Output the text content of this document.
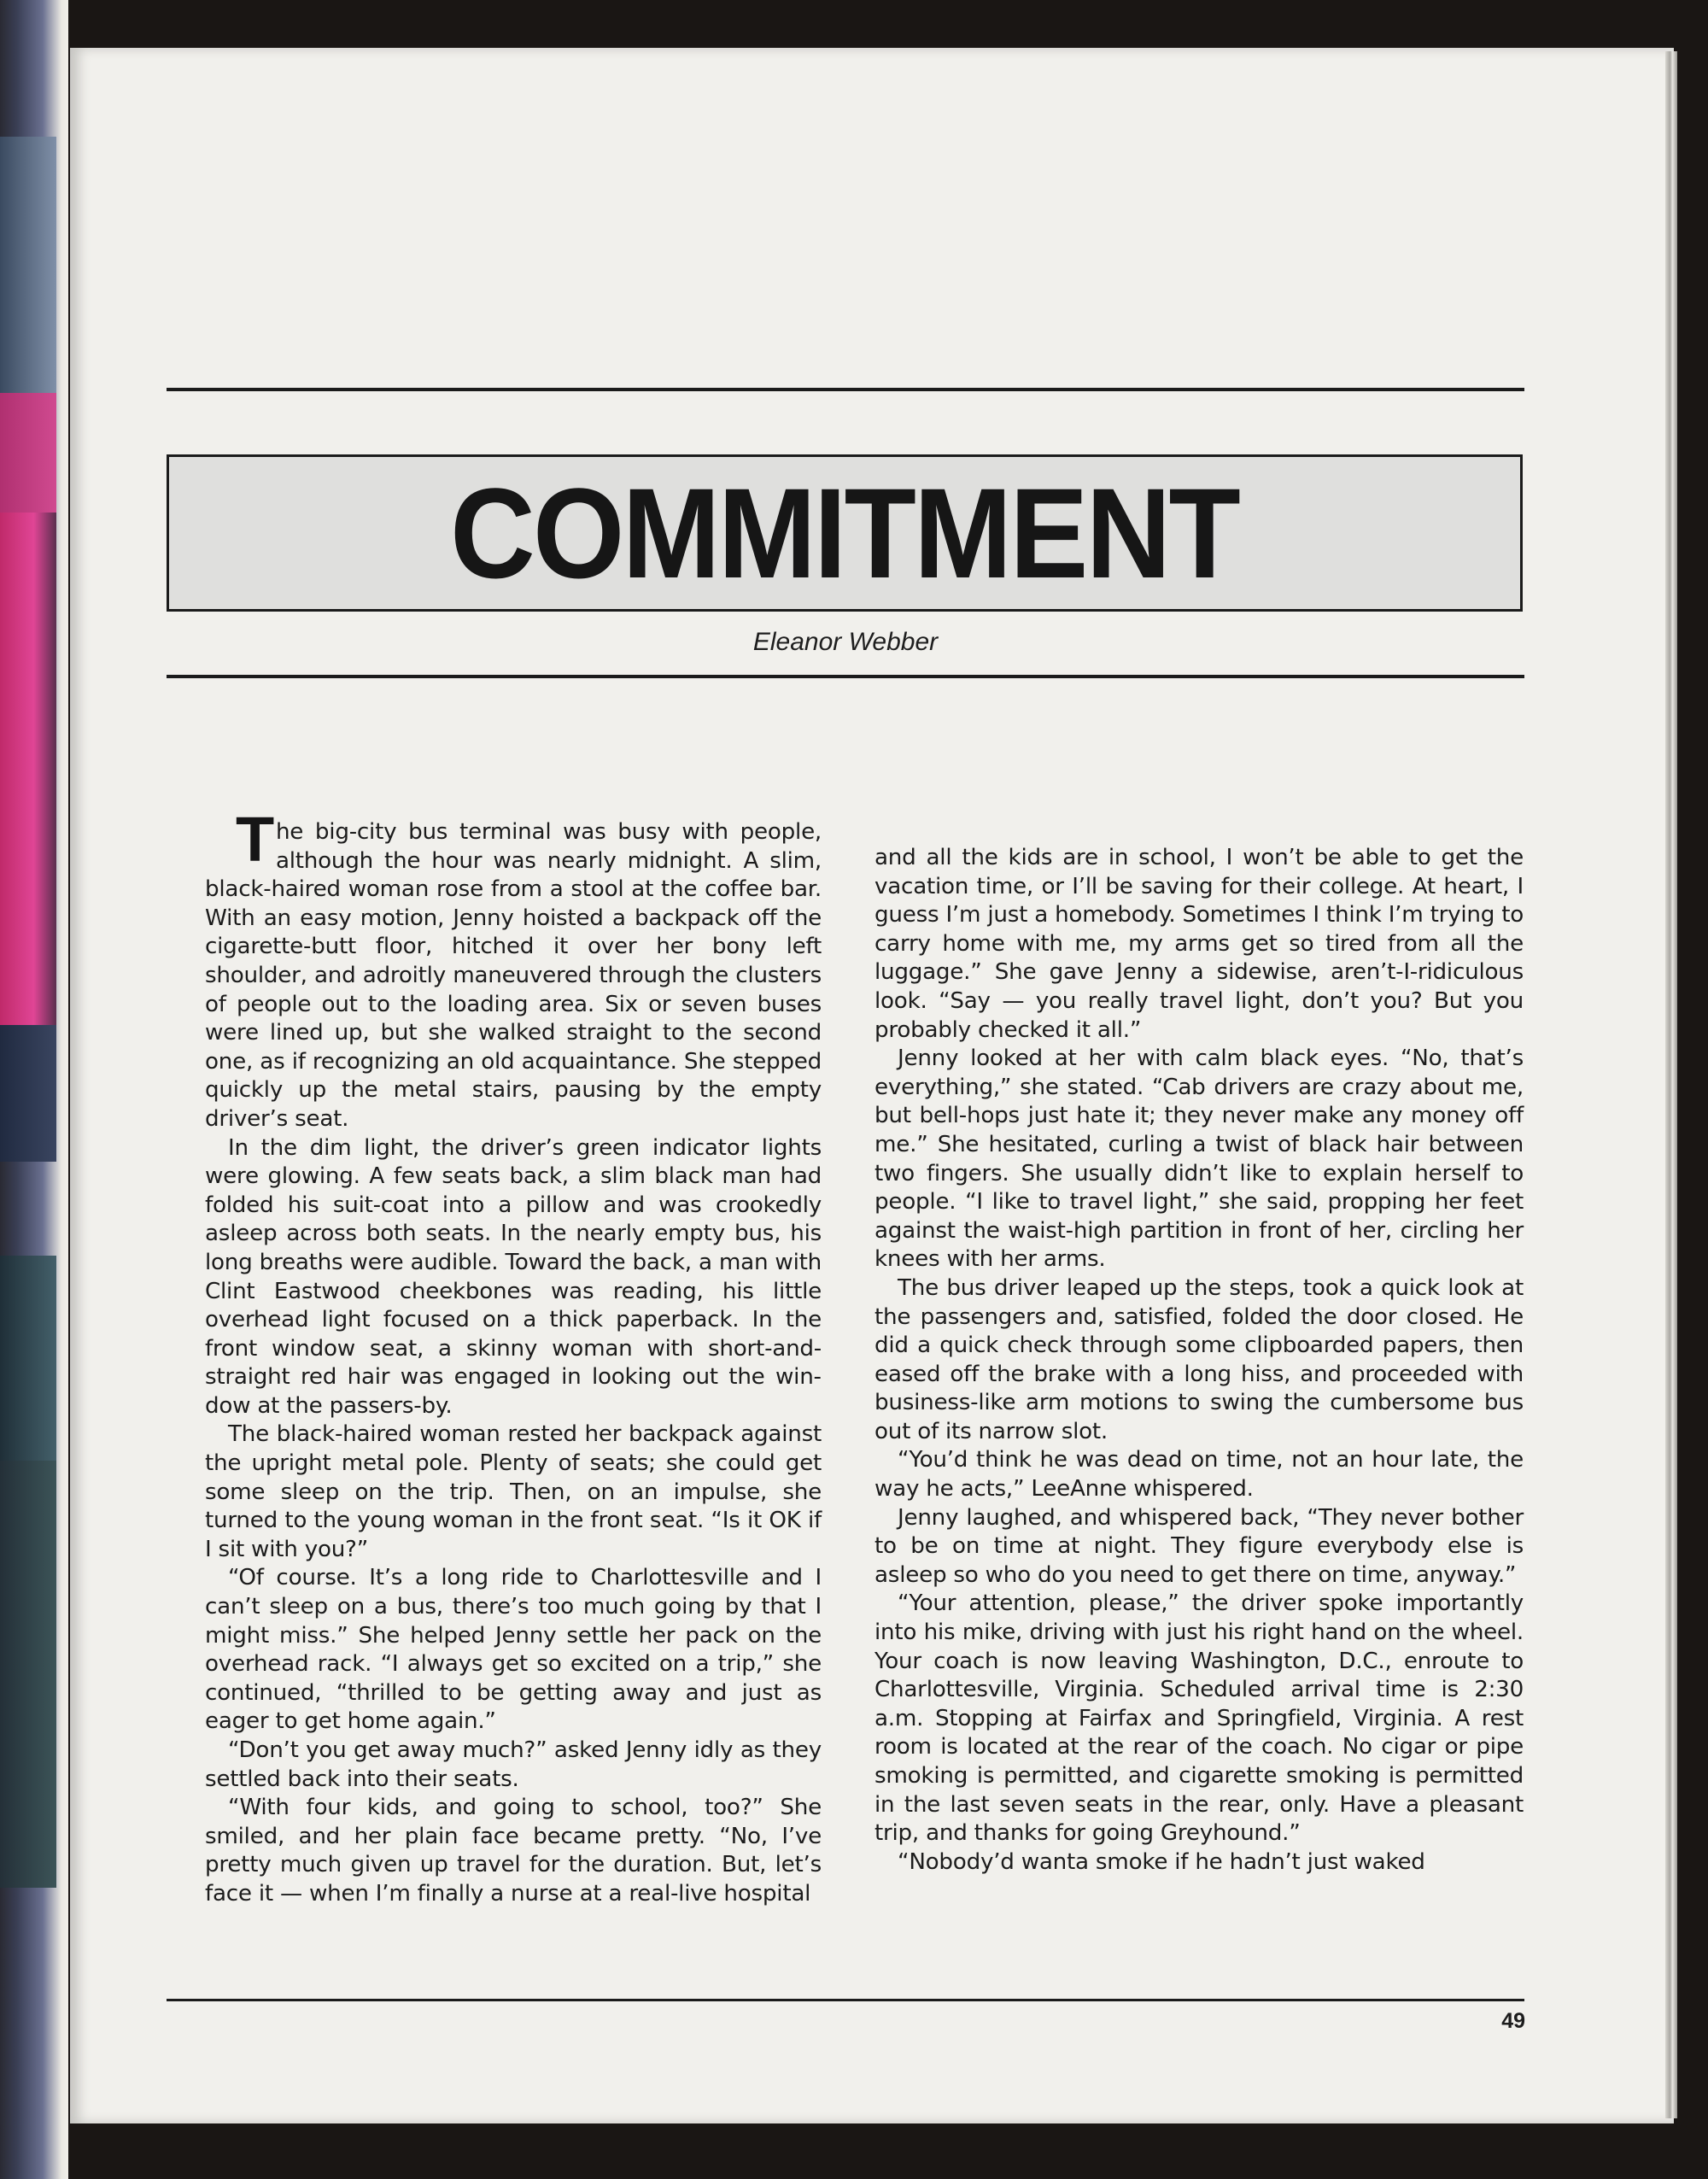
COMMITMENT
Eleanor Webber

The big-city bus terminal was busy with people, although the hour was nearly midnight. A slim, black-haired woman rose from a stool at the coffee bar. With an easy motion, Jenny hoisted a backpack off the cigarette-butt floor, hitched it over her bony left shoulder, and adroitly maneuvered through the clusters of people out to the loading area. Six or seven buses were lined up, but she walked straight to the second one, as if recognizing an old acquaintance. She stepped quickly up the metal stairs, pausing by the empty driver’s seat.

In the dim light, the driver’s green indicator lights were glowing. A few seats back, a slim black man had folded his suit-coat into a pillow and was crookedly asleep across both seats. In the nearly empty bus, his long breaths were audible. Toward the back, a man with Clint Eastwood cheekbones was reading, his little overhead light focused on a thick paperback. In the front window seat, a skinny woman with short-and-straight red hair was engaged in looking out the window at the passers-by.

The black-haired woman rested her backpack against the upright metal pole. Plenty of seats; she could get some sleep on the trip. Then, on an impulse, she turned to the young woman in the front seat. “Is it OK if I sit with you?”

“Of course. It’s a long ride to Charlottesville and I can’t sleep on a bus, there’s too much going by that I might miss.” She helped Jenny settle her pack on the overhead rack. “I always get so excited on a trip,” she continued, “thrilled to be getting away and just as eager to get home again.”

“Don’t you get away much?” asked Jenny idly as they settled back into their seats.

“With four kids, and going to school, too?” She smiled, and her plain face became pretty. “No, I’ve pretty much given up travel for the duration. But, let’s face it — when I’m finally a nurse at a real-live hospital

and all the kids are in school, I won’t be able to get the vacation time, or I’ll be saving for their college. At heart, I guess I’m just a homebody. Sometimes I think I’m trying to carry home with me, my arms get so tired from all the luggage.” She gave Jenny a sidewise, aren’t-I-ridiculous look. “Say — you really travel light, don’t you? But you probably checked it all.”

Jenny looked at her with calm black eyes. “No, that’s everything,” she stated. “Cab drivers are crazy about me, but bell-hops just hate it; they never make any money off me.” She hesitated, curling a twist of black hair between two fingers. She usually didn’t like to explain herself to people. “I like to travel light,” she said, propping her feet against the waist-high partition in front of her, circling her knees with her arms.

The bus driver leaped up the steps, took a quick look at the passengers and, satisfied, folded the door closed. He did a quick check through some clipboarded papers, then eased off the brake with a long hiss, and proceeded with business-like arm motions to swing the cumbersome bus out of its narrow slot.

“You’d think he was dead on time, not an hour late, the way he acts,” LeeAnne whispered.

Jenny laughed, and whispered back, “They never bother to be on time at night. They figure everybody else is asleep so who do you need to get there on time, anyway.”

“Your attention, please,” the driver spoke importantly into his mike, driving with just his right hand on the wheel. Your coach is now leaving Washington, D.C., enroute to Charlottesville, Virginia. Scheduled arrival time is 2:30 a.m. Stopping at Fairfax and Springfield, Virginia. A rest room is located at the rear of the coach. No cigar or pipe smoking is permitted, and cigarette smoking is permitted in the last seven seats in the rear, only. Have a pleasant trip, and thanks for going Greyhound.”

“Nobody’d wanta smoke if he hadn’t just waked

49
